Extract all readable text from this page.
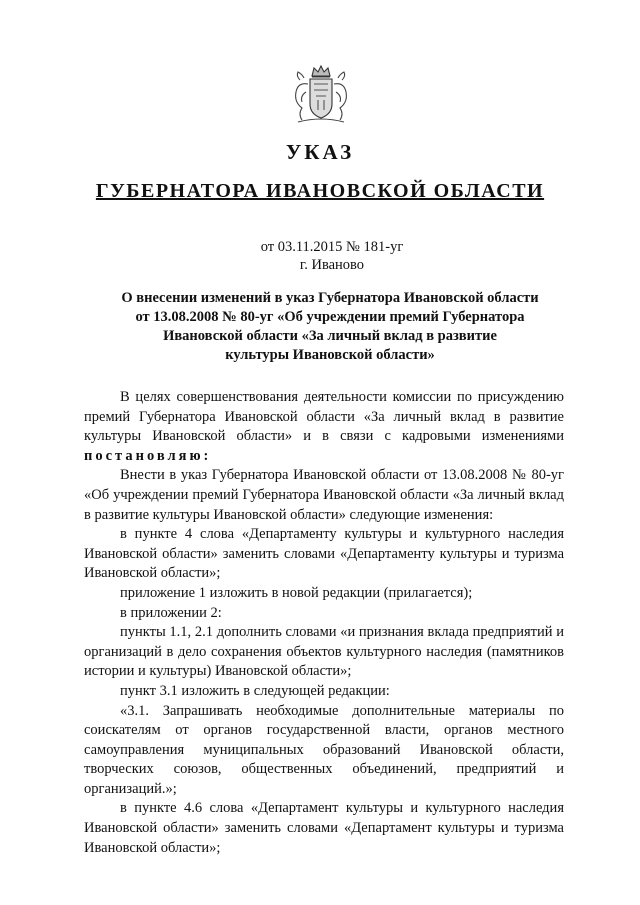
УКАЗ
ГУБЕРНАТОРА ИВАНОВСКОЙ ОБЛАСТИ
от 03.11.2015 № 181-уг
г. Иваново
О внесении изменений в указ Губернатора Ивановской области
от 13.08.2008 № 80-уг «Об учреждении премий Губернатора
Ивановской области «За личный вклад в развитие
культуры Ивановской области»

В целях совершенствования деятельности комиссии по присуждению премий Губернатора Ивановской области «За личный вклад в развитие культуры Ивановской области» и в связи с кадровыми изменениями постановляю:

Внести в указ Губернатора Ивановской области от 13.08.2008 № 80-уг «Об учреждении премий Губернатора Ивановской области «За личный вклад в развитие культуры Ивановской области» следующие изменения:

в пункте 4 слова «Департаменту культуры и культурного наследия Ивановской области» заменить словами «Департаменту культуры и туризма Ивановской области»;

приложение 1 изложить в новой редакции (прилагается);

в приложении 2:

пункты 1.1, 2.1 дополнить словами «и признания вклада предприятий и организаций в дело сохранения объектов культурного наследия (памятников истории и культуры) Ивановской области»;

пункт 3.1 изложить в следующей редакции:

«3.1. Запрашивать необходимые дополнительные материалы по соискателям от органов государственной власти, органов местного самоуправления муниципальных образований Ивановской области, творческих союзов, общественных объединений, предприятий и организаций.»;

в пункте 4.6 слова «Департамент культуры и культурного наследия Ивановской области» заменить словами «Департамент культуры и туризма Ивановской области»;
